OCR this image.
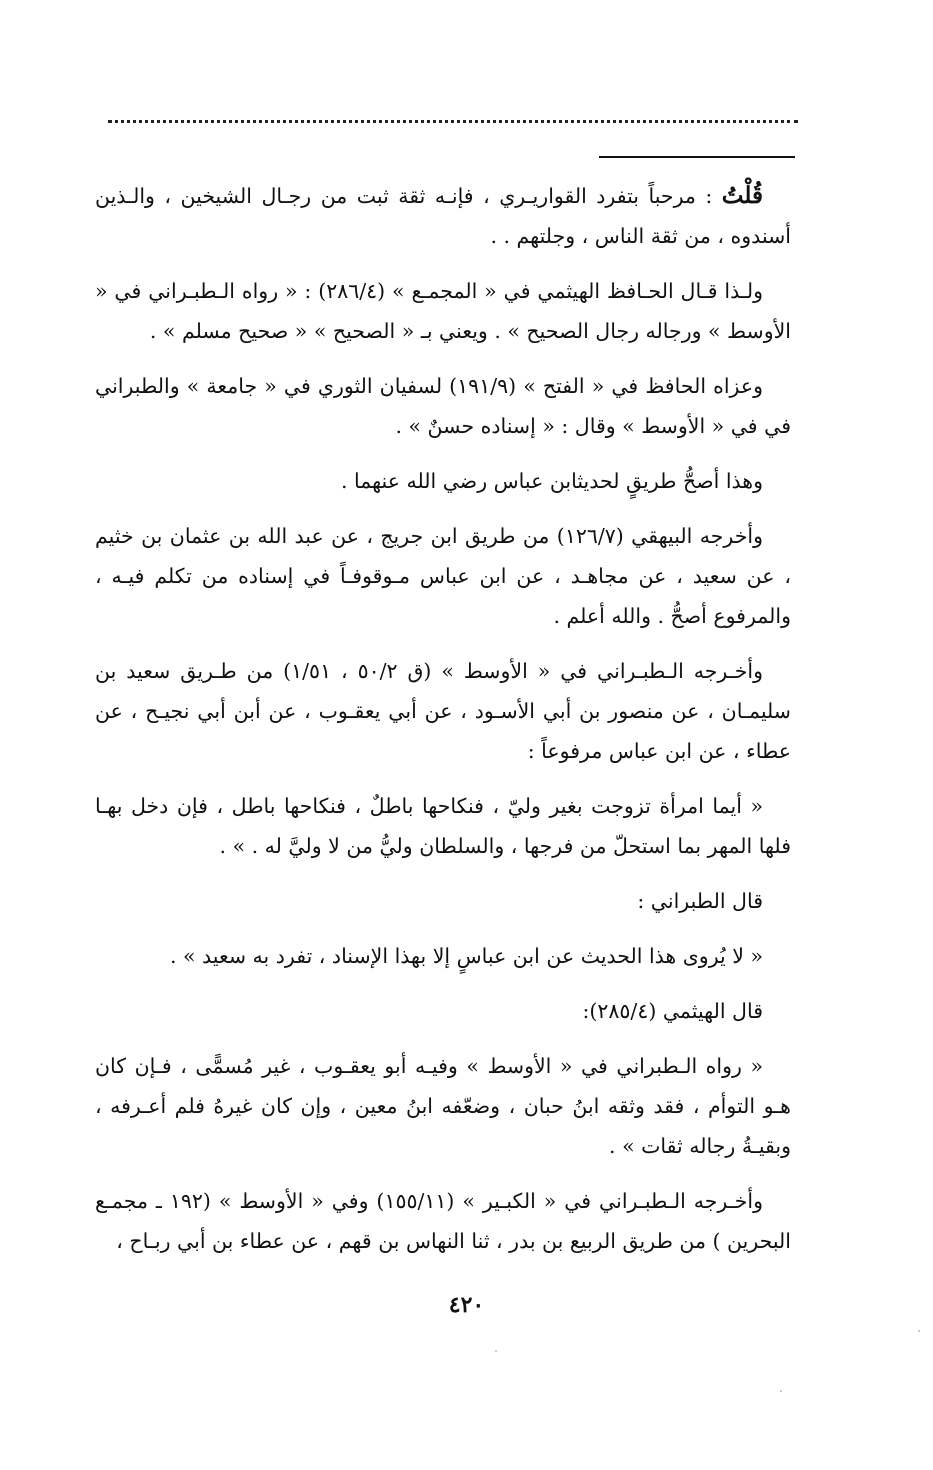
قُلْتُ : مرحباً بتفرد القواريـري ، فإنـه ثقة ثبت من رجـال الشيخين ، والـذين أسندوه ، من ثقة الناس ، وجلتهم . .

ولـذا قـال الحـافظ الهيثمي في « المجمـع » (٢٨٦/٤) : « رواه الـطبـراني في « الأوسط » ورجاله رجال الصحيح » . ويعني بـ « الصحيح » « صحيح مسلم » .

وعزاه الحافظ في « الفتح » (١٩١/٩) لسفيان الثوري في « جامعة » والطبراني في في « الأوسط » وقال : « إسناده حسنٌ » .

وهذا أصحُّ طريقٍ لحديثابن عباس رضي الله عنهما .

وأخرجه البيهقي (١٢٦/٧) من طريق ابن جريج ، عن عبد الله بن عثمان بن خثيم ، عن سعيد ، عن مجاهـد ، عن ابن عباس مـوقوفـاً في إسناده من تكلم فيـه ، والمرفوع أصحُّ . والله أعلم .

وأخـرجه الـطبـراني في « الأوسط » (ق ٥٠/٢ ، ١/٥١) من طـريق سعيد بن سليمـان ، عن منصور بن أبي الأسـود ، عن أبي يعقـوب ، عن أبن أبي نجيـح ، عن عطاء ، عن ابن عباس مرفوعاً :

« أيما امرأة تزوجت بغير وليّ ، فنكاحها باطلٌ ، فنكاحها باطل ، فإن دخل بهـا فلها المهر بما استحلّ من فرجها ، والسلطان وليُّ من لا وليَّ له . » .

قال الطبراني :

« لا يُروى هذا الحديث عن ابن عباسٍ إلا بهذا الإسناد ، تفرد به سعيد » .

قال الهيثمي (٢٨٥/٤):

« رواه الـطبراني في « الأوسط » وفيـه أبو يعقـوب ، غير مُسمًّى ، فـإن كان هـو التوأم ، فقد وثقه ابنُ حبان ، وضعّفه ابنُ معين ، وإن كان غيرهُ فلم أعـرفه ، وبقيـةُ رجاله ثقات » .

وأخـرجه الـطبـراني في « الكبـير » (١٥٥/١١) وفي « الأوسط » (١٩٢ ـ مجمـع البحرين ) من طريق الربيع بن بدر ، ثنا النهاس بن قهم ، عن عطاء بن أبي ربـاح ،

٤٢٠
